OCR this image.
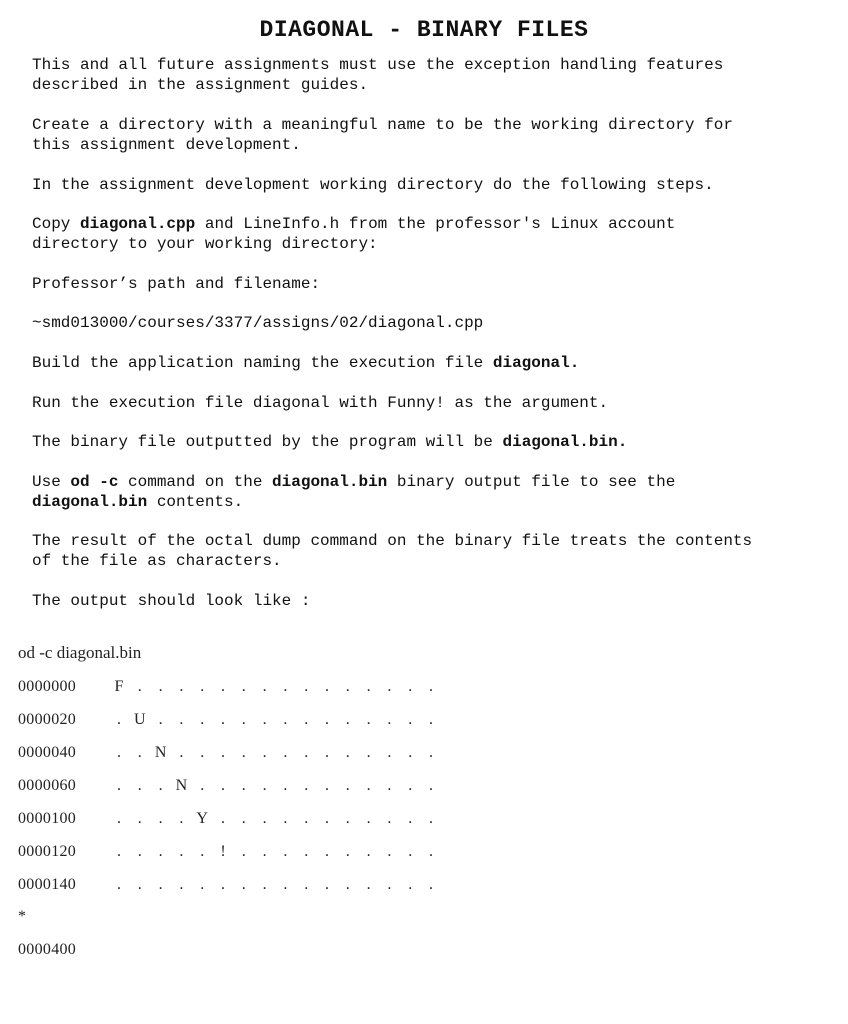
DIAGONAL - BINARY FILES
This and all future assignments must use the exception handling features
described in the assignment guides.
Create a directory with a meaningful name to be the working directory for
this assignment development.
In the assignment development working directory do the following steps.
Copy diagonal.cpp and LineInfo.h from the professor's Linux account
directory to your working directory:
Professor’s path and filename:
~smd013000/courses/3377/assigns/02/diagonal.cpp
Build the application naming the execution file diagonal.
Run the execution file diagonal with Funny! as the argument.
The binary file outputted by the program will be diagonal.bin.
Use od -c command on the diagonal.bin binary output file to see the
diagonal.bin contents.
The result of the octal dump command on the binary file treats the contents
of the file as characters.
The output should look like :
od -c diagonal.bin
0000000 F . . . . . . . . . . . . . . .
0000020	. U . . . . . . . . . . . . . .
0000040	. . N . . . . . . . . . . . . .
0000060	. . . N . . . . . . . . . . . .
0000100	. . . . Y . . . . . . . . . . .
0000120	. . . . . ! . . . . . . . . . .
0000140	. . . . . . . . . . . . . . . .
*
0000400
